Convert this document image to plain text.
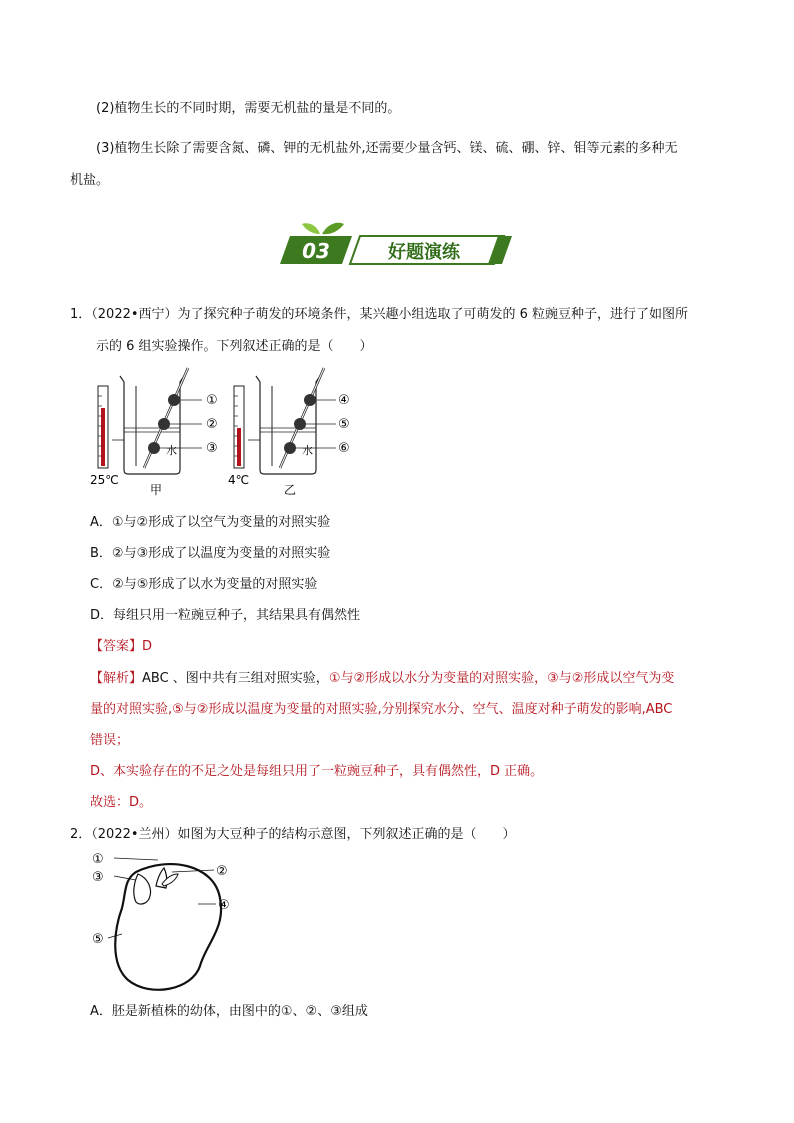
(2)植物生长的不同时期，需要无机盐的量是不同的。
(3)植物生长除了需要含氮、磷、钾的无机盐外,还需要少量含钙、镁、硫、硼、锌、钼等元素的多种无
机盐。
03	好题演练
1．（2022•西宁）为了探究种子萌发的环境条件，某兴趣小组选取了可萌发的 6 粒豌豆种子，进行了如图所
示的 6 组实验操作。下列叙述正确的是（　　）
25℃
水
①
②
③
甲
4℃
水
④
⑤
⑥
乙
A．①与②形成了以空气为变量的对照实验
B．②与③形成了以温度为变量的对照实验
C．②与⑤形成了以水为变量的对照实验
D．每组只用一粒豌豆种子，其结果具有偶然性
【答案】D
【解析】ABC 、图中共有三组对照实验，①与②形成以水分为变量的对照实验，③与②形成以空气为变
量的对照实验,⑤与②形成以温度为变量的对照实验,分别探究水分、空气、温度对种子萌发的影响,ABC
错误；
D、本实验存在的不足之处是每组只用了一粒豌豆种子，具有偶然性，D 正确。
故选：D。
2．（2022•兰州）如图为大豆种子的结构示意图，下列叙述正确的是（　　）
①
③	②
④
⑤
A．胚是新植株的幼体，由图中的①、②、③组成
